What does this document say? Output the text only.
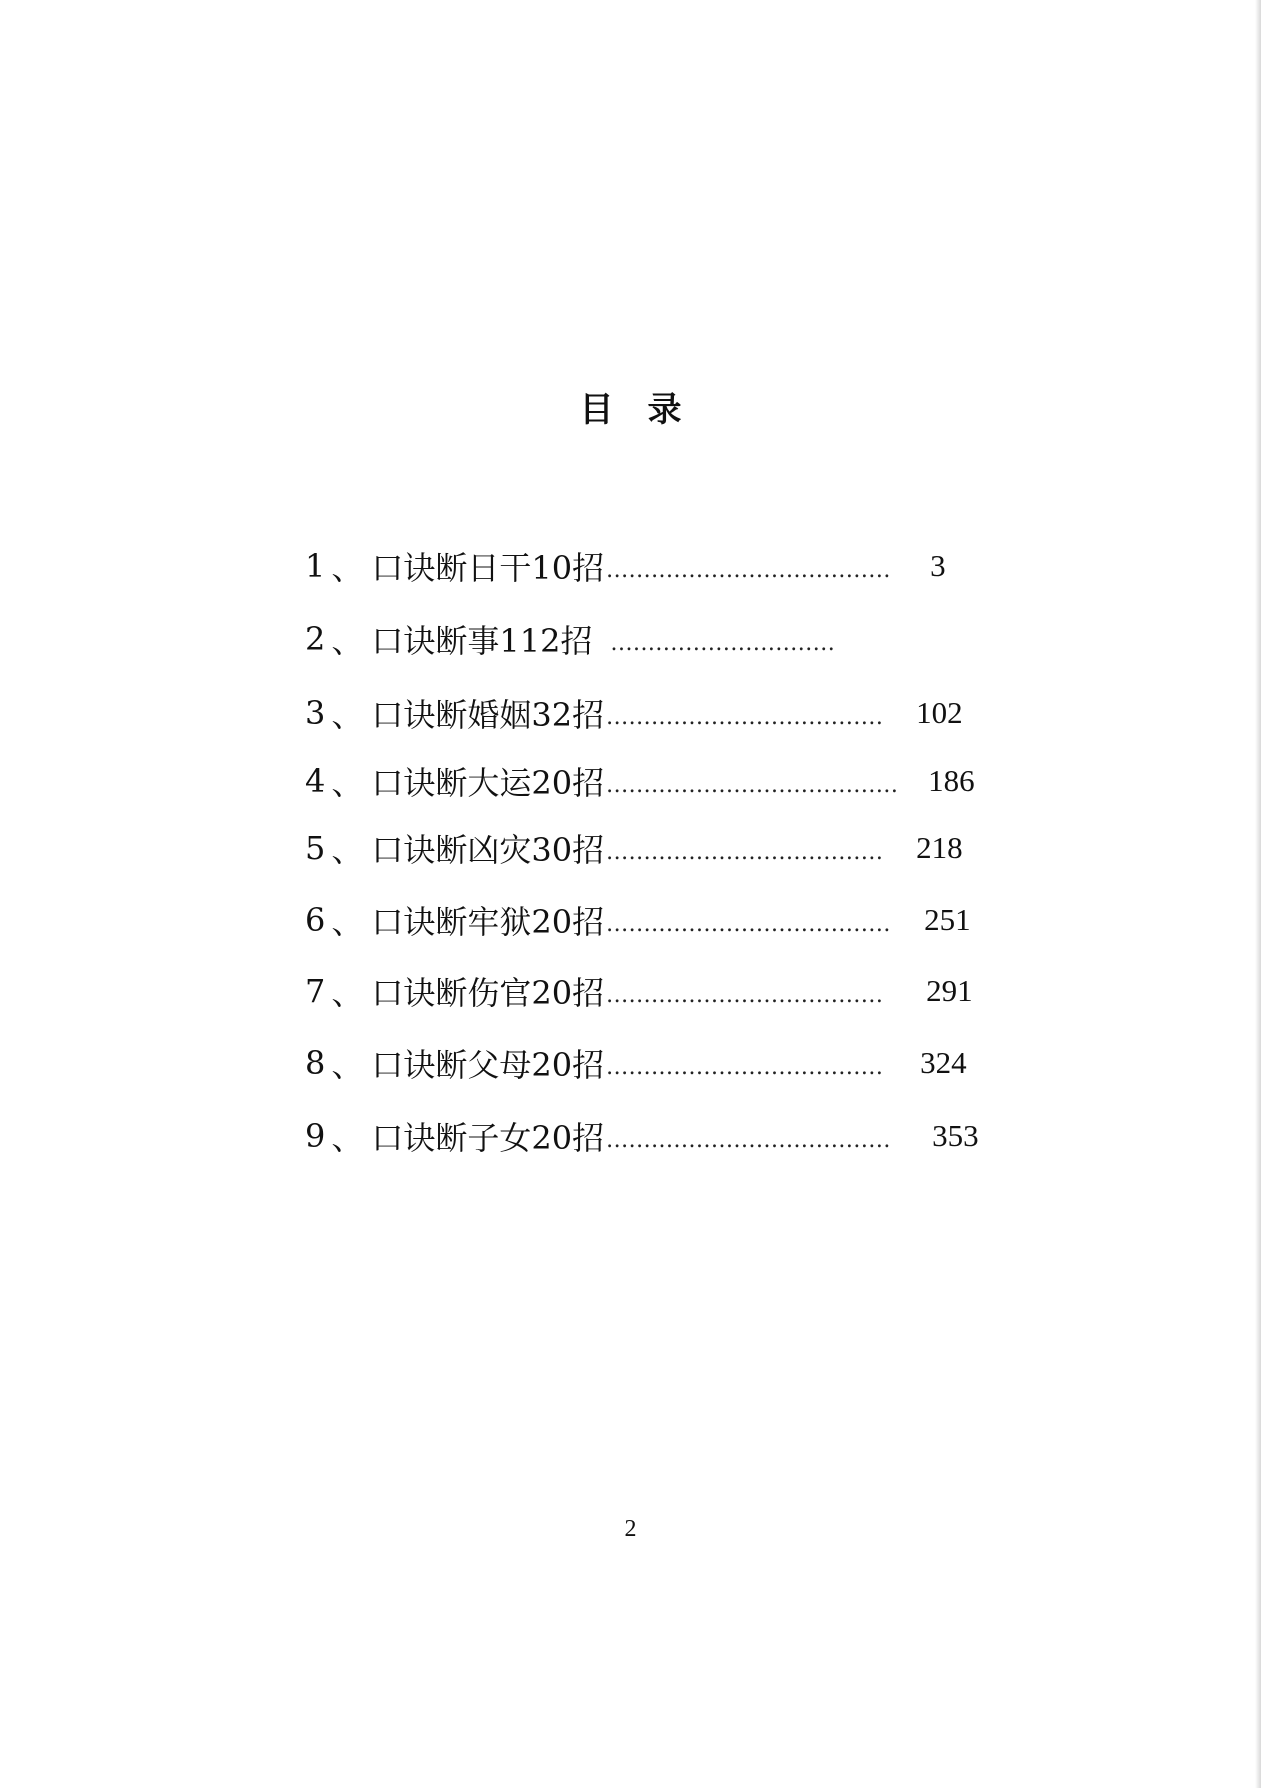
目 录
1 、 口诀断日干10招 ......................................	3
2 、 口诀断事112招 ..............................
3 、 口诀断婚姻32招 .....................................	102
4 、 口诀断大运20招 ....................................... 186
5 、 口诀断凶灾30招 .....................................	218
6 、 口诀断牢狱20招 ......................................	251
7 、 口诀断伤官20招 .....................................	291
8 、 口诀断父母20招 .....................................	324
9 、 口诀断子女20招 ......................................	353
2
